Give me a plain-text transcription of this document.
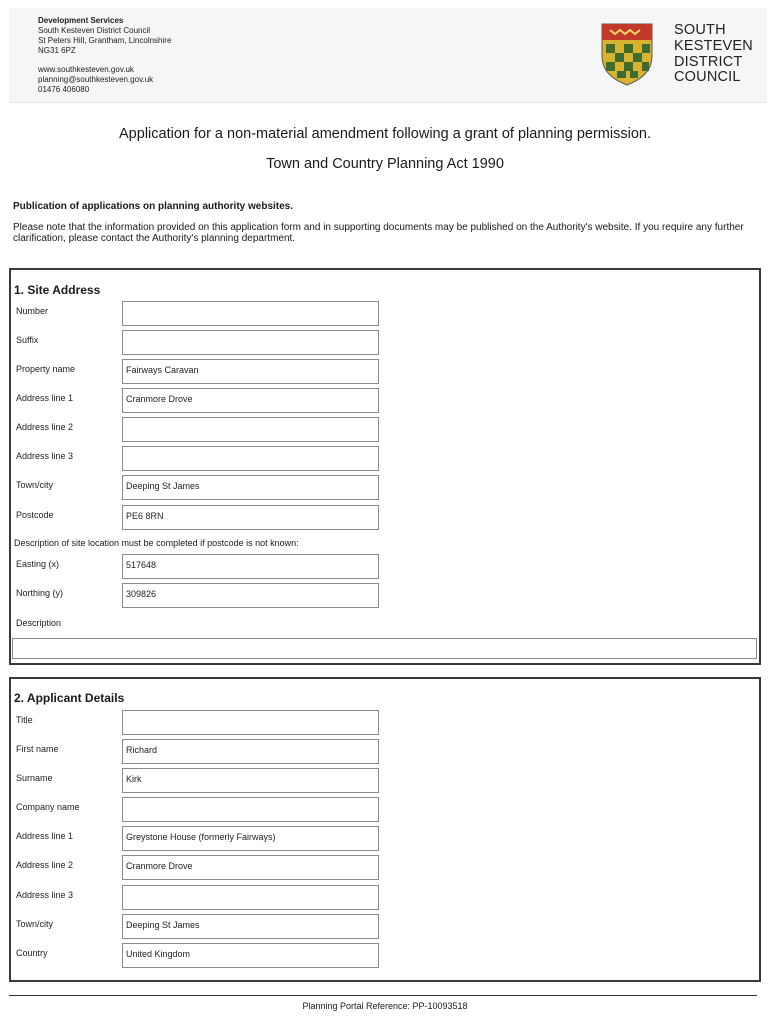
Development Services
South Kesteven District Council
St Peters Hill, Grantham, Lincolnshire
NG31 6PZ
www.southkesteven.gov.uk
planning@southkesteven.gov.uk
01476 406080
SOUTH
KESTEVEN
DISTRICT
COUNCIL
Application for a non-material amendment following a grant of planning permission.
Town and Country Planning Act 1990
Publication of applications on planning authority websites.
Please note that the information provided on this application form and in supporting documents may be published on the Authority's website. If you require any further clarification, please contact the Authority's planning department.
1. Site Address
Number
Suffix
Property name	Fairways Caravan
Address line 1	Cranmore Drove
Address line 2
Address line 3
Town/city	Deeping St James
Postcode	PE6 8RN
Description of site location must be completed if postcode is not known:
Easting (x)	517648
Northing (y)	309826
Description
2. Applicant Details
Title
First name	Richard
Surname	Kirk
Company name
Address line 1	Greystone House (formerly Fairways)
Address line 2	Cranmore Drove
Address line 3
Town/city	Deeping St James
Country	United Kingdom
Planning Portal Reference: PP-10093518
